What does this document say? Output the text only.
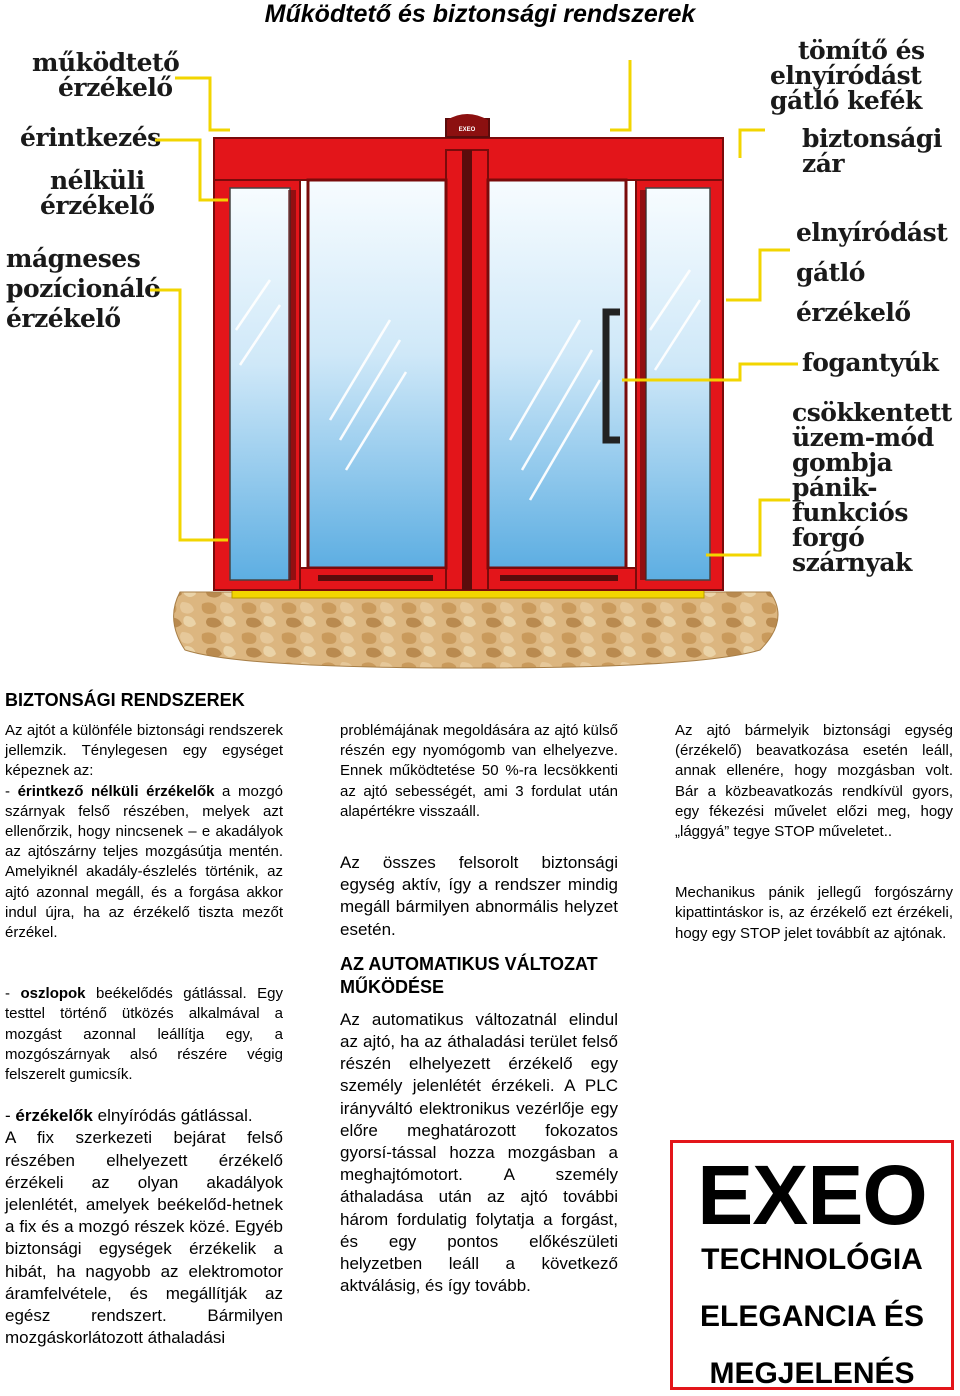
Működtető és biztonsági rendszerek
EXEO
működtető
érzékelő
érintkezés
nélküli
érzékelő
mágneses
pozícionáló
érzékelő
tömítő és
elnyíródást
gátló kefék
biztonsági
zár
elnyíródást
gátló
érzékelő
fogantyúk
csökkentett
üzem-mód
gombja
pánik-
funkciós
forgó
szárnyak
BIZTONSÁGI RENDSZEREK

Az ajtót a különféle biztonsági rendszerek jellemzik. Ténylegesen egy egységet képeznek az:

- érintkező nélküli érzékelők a mozgó szárnyak felső részében, melyek azt ellenőrzik, hogy nincsenek – e akadályok az ajtószárny teljes mozgásútja mentén. Amelyiknél akadály-észlelés történik, az ajtó azonnal megáll, és a forgása akkor indul újra, ha az érzékelő tiszta mezőt érzékel.

- oszlopok beékelődés gátlással. Egy testtel történő ütközés alkalmával a mozgást azonnal leállítja egy, a mozgószárnyak alsó részére végig felszerelt gumicsík.

- érzékelők elnyíródás gátlással.

A fix szerkezeti bejárat felső részében elhelyezett érzékelő érzékeli az olyan akadályok jelenlétét, amelyek beékelőd-hetnek a fix és a mozgó részek közé. Egyéb biztonsági egységek érzékelik a hibát, ha nagyobb az elektromotor áramfelvétele, és megállítják az egész rendszert. Bármilyen mozgáskorlátozott áthaladási

problémájának megoldására az ajtó külső részén egy nyomógomb van elhelyezve. Ennek működtetése 50 %-ra lecsökkenti az ajtó sebességét, ami 3 fordulat után alapértékre visszaáll.

Az összes felsorolt biztonsági egység aktív, így a rendszer mindig megáll bármilyen abnormális helyzet esetén.

AZ AUTOMATIKUS VÁLTOZAT MŰKÖDÉSE

Az automatikus változatnál elindul az ajtó, ha az áthaladási terület felső részén elhelyezett érzékelő egy személy jelenlétét érzékeli. A PLC irányváltó elektronikus vezérlője egy előre meghatározott fokozatos gyorsí-tással hozza mozgásban a meghajtómotort. A személy áthaladása után az ajtó további három fordulatig folytatja a forgást, és egy pontos előkészületi helyzetben leáll a következő aktválásig, és így tovább.

Az ajtó bármelyik biztonsági egység (érzékelő) beavatkozása esetén leáll, annak ellenére, hogy mozgásban volt. Bár a közbeavatkozás rendkívül gyors, egy fékezési művelet előzi meg, hogy „lággyá” tegye STOP műveletet..

Mechanikus pánik jellegű forgószárny kipattintáskor is, az érzékelő ezt érzékeli, hogy egy STOP jelet továbbít az ajtónak.

EXEO
TECHNOLÓGIA
ELEGANCIA ÉS
MEGJELENÉS
